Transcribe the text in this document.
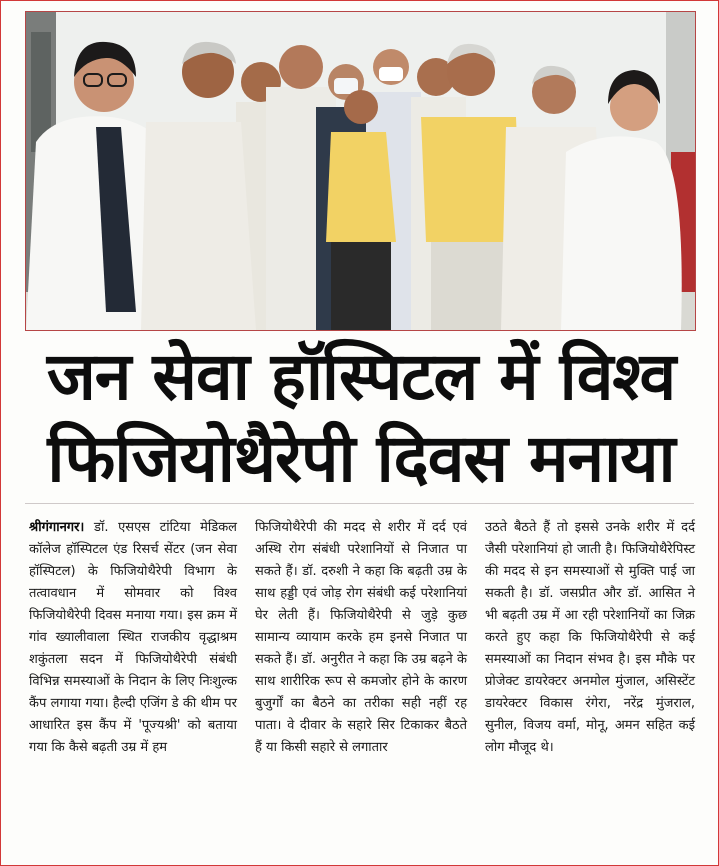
जन सेवा हॉस्पिटल में विश्व
फिजियोथैरेपी दिवस मनाया
श्रीगंगानगर। डॉ. एसएस टांटिया मेडिकल कॉलेज हॉस्पिटल एंड रिसर्च सेंटर (जन सेवा हॉस्पिटल) के फिजियोथैरेपी विभाग के तत्वावधान में सोमवार को विश्व फिजियोथैरेपी दिवस मनाया गया। इस क्रम में गांव ख्यालीवाला स्थित राजकीय वृद्धाश्रम शकुंतला सदन में फिजियोथैरेपी संबंधी विभिन्न समस्याओं के निदान के लिए निःशुल्क कैंप लगाया गया। हैल्दी एजिंग डे की थीम पर आधारित इस कैंप में 'पूज्यश्री' को बताया गया कि कैसे बढ़ती उम्र में हम
फिजियोथैरेपी की मदद से शरीर में दर्द एवं अस्थि रोग संबंधी परेशानियों से निजात पा सकते हैं। डॉ. दरुशी ने कहा कि बढ़ती उम्र के साथ हड्डी एवं जोड़ रोग संबंधी कई परेशानियां घेर लेती हैं। फिजियोथैरेपी से जुड़े कुछ सामान्य व्यायाम करके हम इनसे निजात पा सकते हैं। डॉ. अनुरीत ने कहा कि उम्र बढ़ने के साथ शारीरिक रूप से कमजोर होने के कारण बुजुर्गों का बैठने का तरीका सही नहीं रह पाता। वे दीवार के सहारे सिर टिकाकर बैठते हैं या किसी सहारे से लगातार
उठते बैठते हैं तो इससे उनके शरीर में दर्द जैसी परेशानियां हो जाती है। फिजियोथैरेपिस्ट की मदद से इन समस्याओं से मुक्ति पाई जा सकती है। डॉ. जसप्रीत और डॉ. आसित ने भी बढ़ती उम्र में आ रही परेशानियों का जिक्र करते हुए कहा कि फिजियोथैरेपी से कई समस्याओं का निदान संभव है। इस मौके पर प्रोजेक्ट डायरेक्टर अनमोल मुंजाल, असिस्टेंट डायरेक्टर विकास रंगेरा, नरेंद्र मुंजराल, सुनील, विजय वर्मा, मोनू, अमन सहित कई लोग मौजूद थे।
